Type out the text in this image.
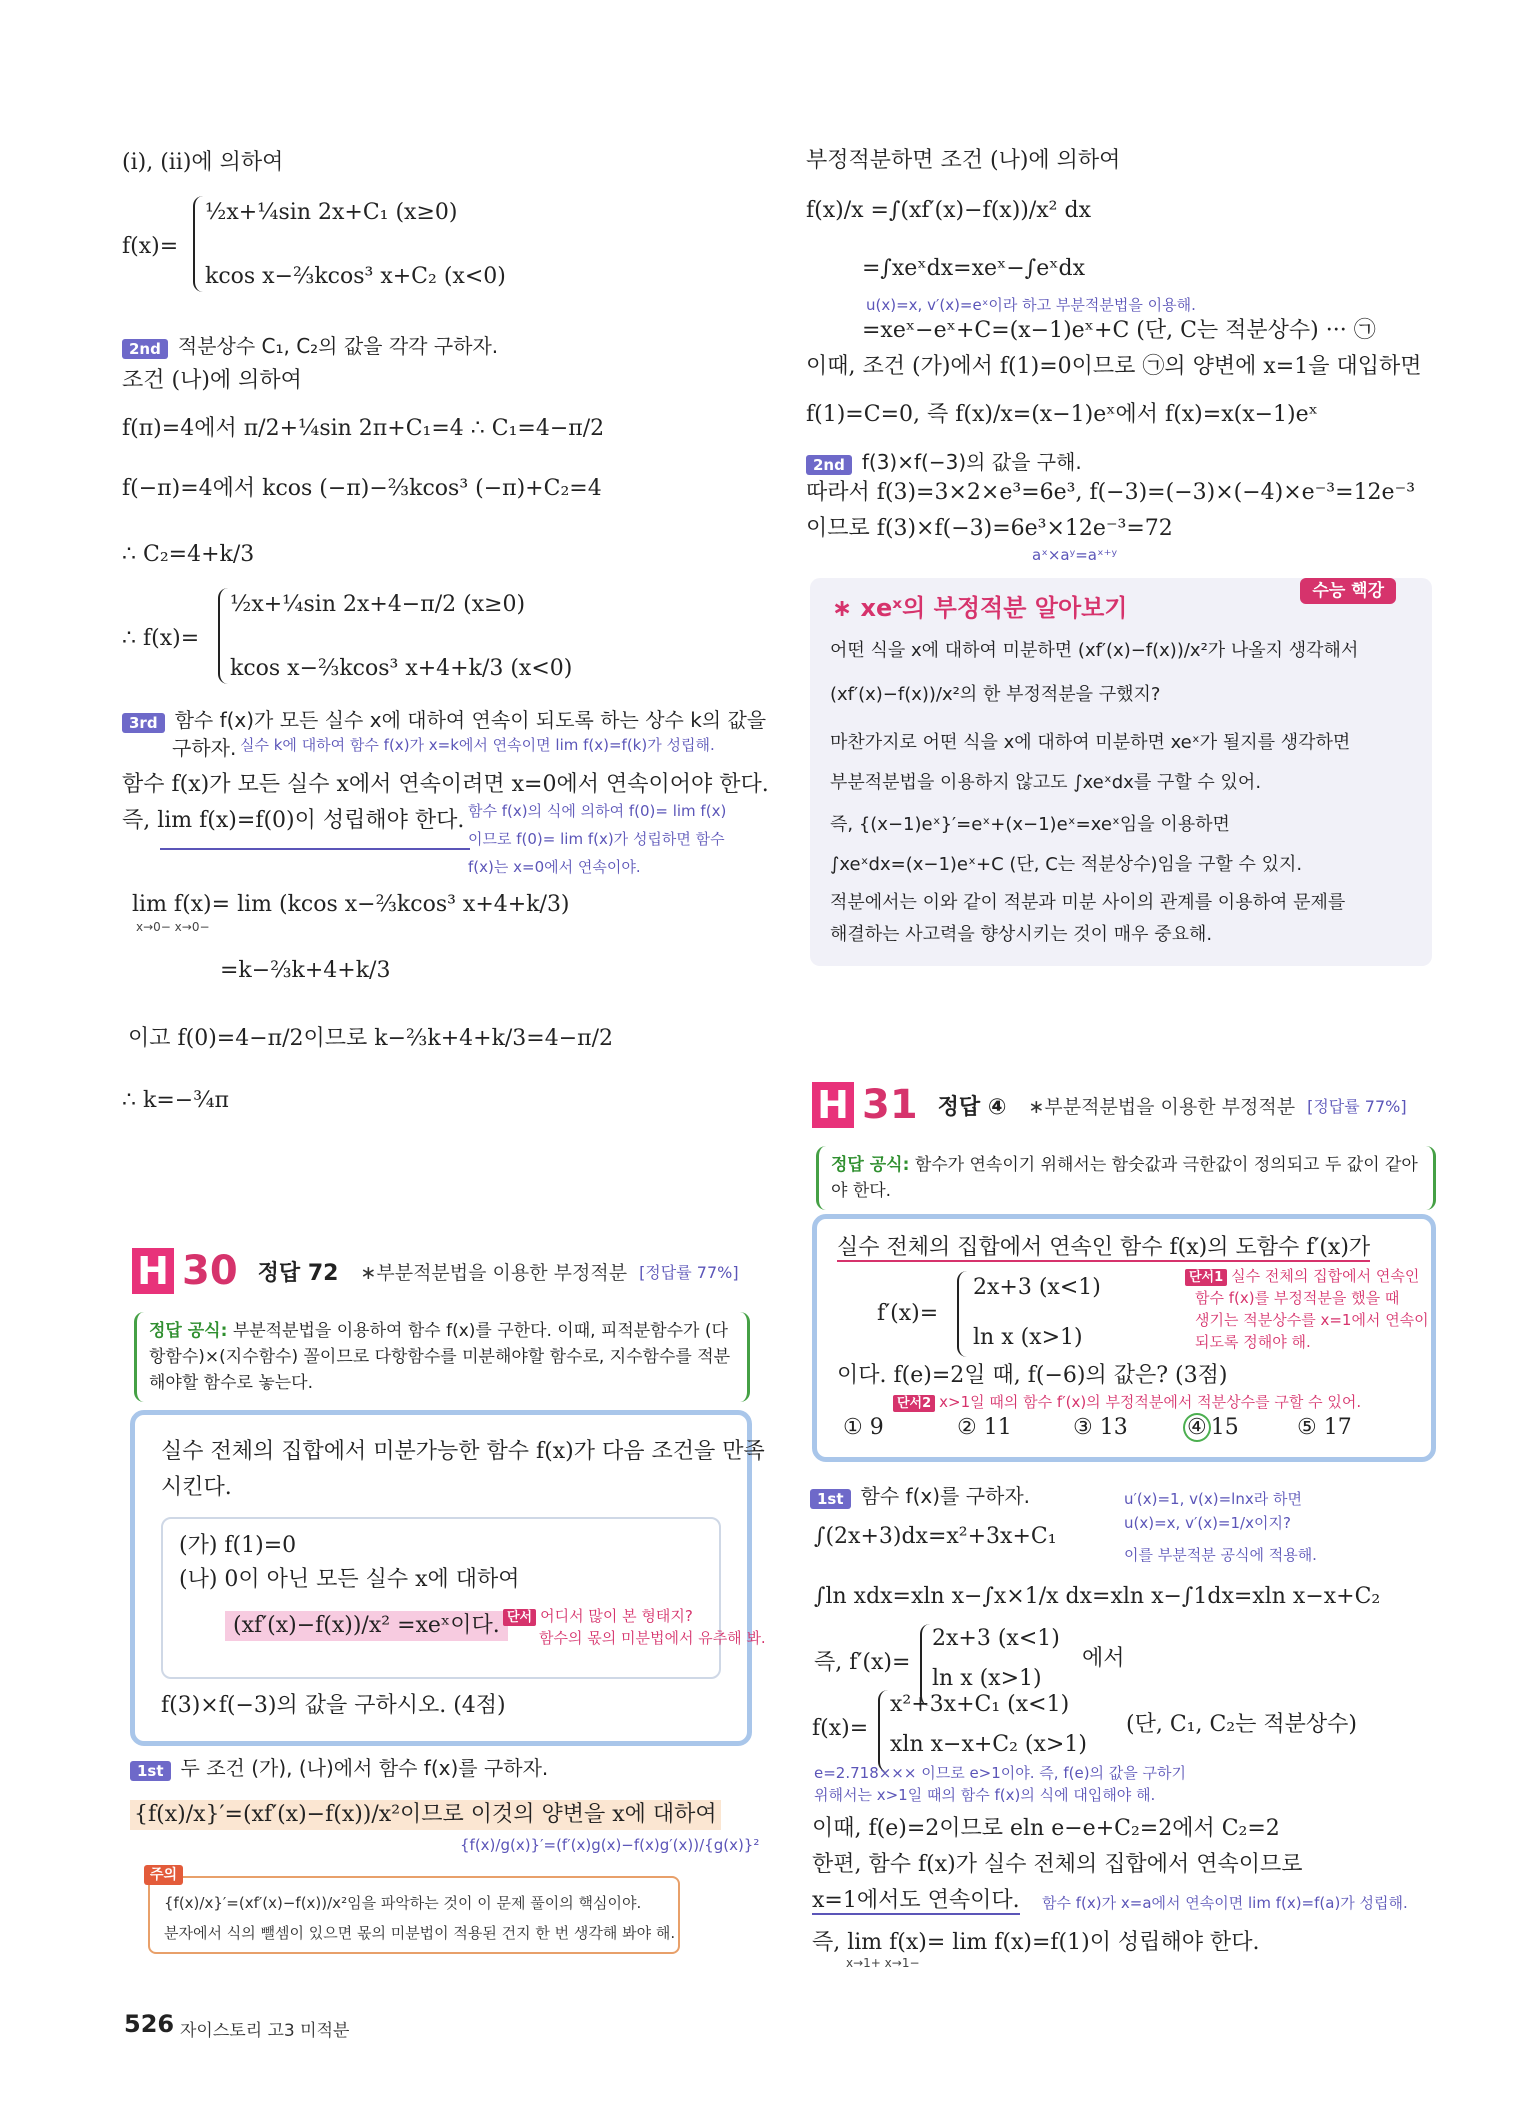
(ⅰ), (ⅱ)에 의하여
f(x)=
½x+¼sin 2x+C₁ (x≥0)
kcos x−⅔kcos³ x+C₂ (x<0)
2nd 적분상수 C₁, C₂의 값을 각각 구하자.
조건 (나)에 의하여
f(π)=4에서 π/2+¼sin 2π+C₁=4 ∴ C₁=4−π/2
f(−π)=4에서 kcos (−π)−⅔kcos³ (−π)+C₂=4
∴ C₂=4+k/3
∴ f(x)=
½x+¼sin 2x+4−π/2 (x≥0)
kcos x−⅔kcos³ x+4+k/3 (x<0)
3rd 함수 f(x)가 모든 실수 x에 대하여 연속이 되도록 하는 상수 k의 값을
구하자. 실수 k에 대하여 함수 f(x)가 x=k에서 연속이면 lim f(x)=f(k)가 성립해.
함수 f(x)가 모든 실수 x에서 연속이려면 x=0에서 연속이어야 한다.
즉, lim f(x)=f(0)이 성립해야 한다. 함수 f(x)의 식에 의하여 f(0)= lim f(x)
이므로 f(0)= lim f(x)가 성립하면 함수
f(x)는 x=0에서 연속이야.
lim f(x)= lim (kcos x−⅔kcos³ x+4+k/3)
x→0− x→0−
=k−⅔k+4+k/3
이고 f(0)=4−π/2이므로 k−⅔k+4+k/3=4−π/2
∴ k=−¾π
H 30 정답 72 ∗부분적분법을 이용한 부정적분 [정답률 77%]
정답 공식: 부분적분법을 이용하여 함수 f(x)를 구한다. 이때, 피적분함수가 (다항함수)×(지수함수) 꼴이므로 다항함수를 미분해야할 함수로, 지수함수를 적분해야할 함수로 놓는다.
실수 전체의 집합에서 미분가능한 함수 f(x)가 다음 조건을 만족
시킨다.
(가) f(1)=0
(나) 0이 아닌 모든 실수 x에 대하여
(xf′(x)−f(x))/x² =xeˣ이다. 단서 어디서 많이 본 형태지?
함수의 몫의 미분법에서 유추해 봐.
f(3)×f(−3)의 값을 구하시오. (4점)
1st 두 조건 (가), (나)에서 함수 f(x)를 구하자.
{f(x)/x}′=(xf′(x)−f(x))/x²이므로 이것의 양변을 x에 대하여
{f(x)/g(x)}′=(f′(x)g(x)−f(x)g′(x))/{g(x)}²
주의
{f(x)/x}′=(xf′(x)−f(x))/x²임을 파악하는 것이 이 문제 풀이의 핵심이야.
분자에서 식의 뺄셈이 있으면 몫의 미분법이 적용된 건지 한 번 생각해 봐야 해.
부정적분하면 조건 (나)에 의하여
f(x)/x =∫(xf′(x)−f(x))/x² dx
=∫xeˣdx=xeˣ−∫eˣdx
u(x)=x, v′(x)=eˣ이라 하고 부분적분법을 이용해.
=xeˣ−eˣ+C=(x−1)eˣ+C (단, C는 적분상수) ··· ㉠
이때, 조건 (가)에서 f(1)=0이므로 ㉠의 양변에 x=1을 대입하면
f(1)=C=0, 즉 f(x)/x=(x−1)eˣ에서 f(x)=x(x−1)eˣ
2nd f(3)×f(−3)의 값을 구해.
따라서 f(3)=3×2×e³=6e³, f(−3)=(−3)×(−4)×e⁻³=12e⁻³
이므로 f(3)×f(−3)=6e³×12e⁻³=72
aˣ×aʸ=aˣ⁺ʸ
수능 핵강
∗ xeˣ의 부정적분 알아보기
어떤 식을 x에 대하여 미분하면 (xf′(x)−f(x))/x²가 나올지 생각해서
(xf′(x)−f(x))/x²의 한 부정적분을 구했지?
마찬가지로 어떤 식을 x에 대하여 미분하면 xeˣ가 될지를 생각하면
부분적분법을 이용하지 않고도 ∫xeˣdx를 구할 수 있어.
즉, {(x−1)eˣ}′=eˣ+(x−1)eˣ=xeˣ임을 이용하면
∫xeˣdx=(x−1)eˣ+C (단, C는 적분상수)임을 구할 수 있지.
적분에서는 이와 같이 적분과 미분 사이의 관계를 이용하여 문제를
해결하는 사고력을 향상시키는 것이 매우 중요해.
H 31 정답 ④ ∗부분적분법을 이용한 부정적분 [정답률 77%]
정답 공식: 함수가 연속이기 위해서는 함숫값과 극한값이 정의되고 두 값이 같아야 한다.
실수 전체의 집합에서 연속인 함수 f(x)의 도함수 f′(x)가
f′(x)=
2x+3 (x<1)
ln x (x>1)
단서1 실수 전체의 집합에서 연속인
함수 f(x)를 부정적분을 했을 때
생기는 적분상수를 x=1에서 연속이
되도록 정해야 해.
이다. f(e)=2일 때, f(−6)의 값은? (3점)
단서2 x>1일 때의 함수 f′(x)의 부정적분에서 적분상수를 구할 수 있어.
① 9	② 11	③ 13	④ 15	⑤ 17
1st 함수 f(x)를 구하자.	u′(x)=1, v(x)=lnx라 하면
u(x)=x, v′(x)=1/x이지?
이를 부분적분 공식에 적용해.
∫(2x+3)dx=x²+3x+C₁
∫ln xdx=xln x−∫x×1/x dx=xln x−∫1dx=xln x−x+C₂
즉, f′(x)=
2x+3 (x<1)
ln x (x>1)
에서
f(x)=
x²+3x+C₁ (x<1)
xln x−x+C₂ (x>1)
(단, C₁, C₂는 적분상수)
e=2.718××× 이므로 e>1이야. 즉, f(e)의 값을 구하기
위해서는 x>1일 때의 함수 f(x)의 식에 대입해야 해.
이때, f(e)=2이므로 eln e−e+C₂=2에서 C₂=2
한편, 함수 f(x)가 실수 전체의 집합에서 연속이므로
x=1에서도 연속이다. 함수 f(x)가 x=a에서 연속이면 lim f(x)=f(a)가 성립해.
즉, lim f(x)= lim f(x)=f(1)이 성립해야 한다.
x→1+ x→1−
526 자이스토리 고3 미적분
